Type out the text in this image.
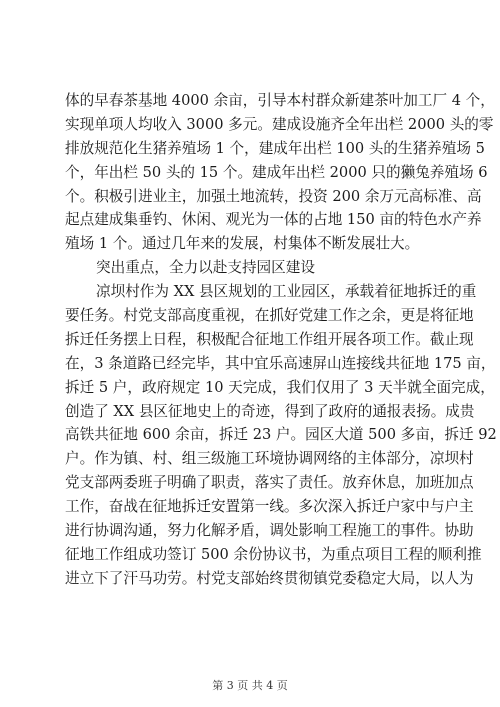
体的早春茶基地 4000 余亩，引导本村群众新建茶叶加工厂 4 个，
实现单项人均收入 3000 多元。建成设施齐全年出栏 2000 头的零
排放规范化生猪养殖场 1 个，建成年出栏 100 头的生猪养殖场 5
个，年出栏 50 头的 15 个。建成年出栏 2000 只的獭兔养殖场 6
个。积极引进业主，加强土地流转，投资 200 余万元高标准、高
起点建成集垂钓、休闲、观光为一体的占地 150 亩的特色水产养
殖场 1 个。通过几年来的发展，村集体不断发展壮大。
突出重点，全力以赴支持园区建设
凉坝村作为 XX 县区规划的工业园区，承载着征地拆迁的重
要任务。村党支部高度重视，在抓好党建工作之余，更是将征地
拆迁任务摆上日程，积极配合征地工作组开展各项工作。截止现
在，3 条道路已经完毕，其中宜乐高速屏山连接线共征地 175 亩，
拆迁 5 户，政府规定 10 天完成，我们仅用了 3 天半就全面完成，
创造了 XX 县区征地史上的奇迹，得到了政府的通报表扬。成贵
高铁共征地 600 余亩，拆迁 23 户。园区大道 500 多亩，拆迁 92
户。作为镇、村、组三级施工环境协调网络的主体部分，凉坝村
党支部两委班子明确了职责，落实了责任。放弃休息，加班加点
工作，奋战在征地拆迁安置第一线。多次深入拆迁户家中与户主
进行协调沟通，努力化解矛盾，调处影响工程施工的事件。协助
征地工作组成功签订 500 余份协议书，为重点项目工程的顺利推
进立下了汗马功劳。村党支部始终贯彻镇党委稳定大局，以人为
第 3 页 共 4 页
